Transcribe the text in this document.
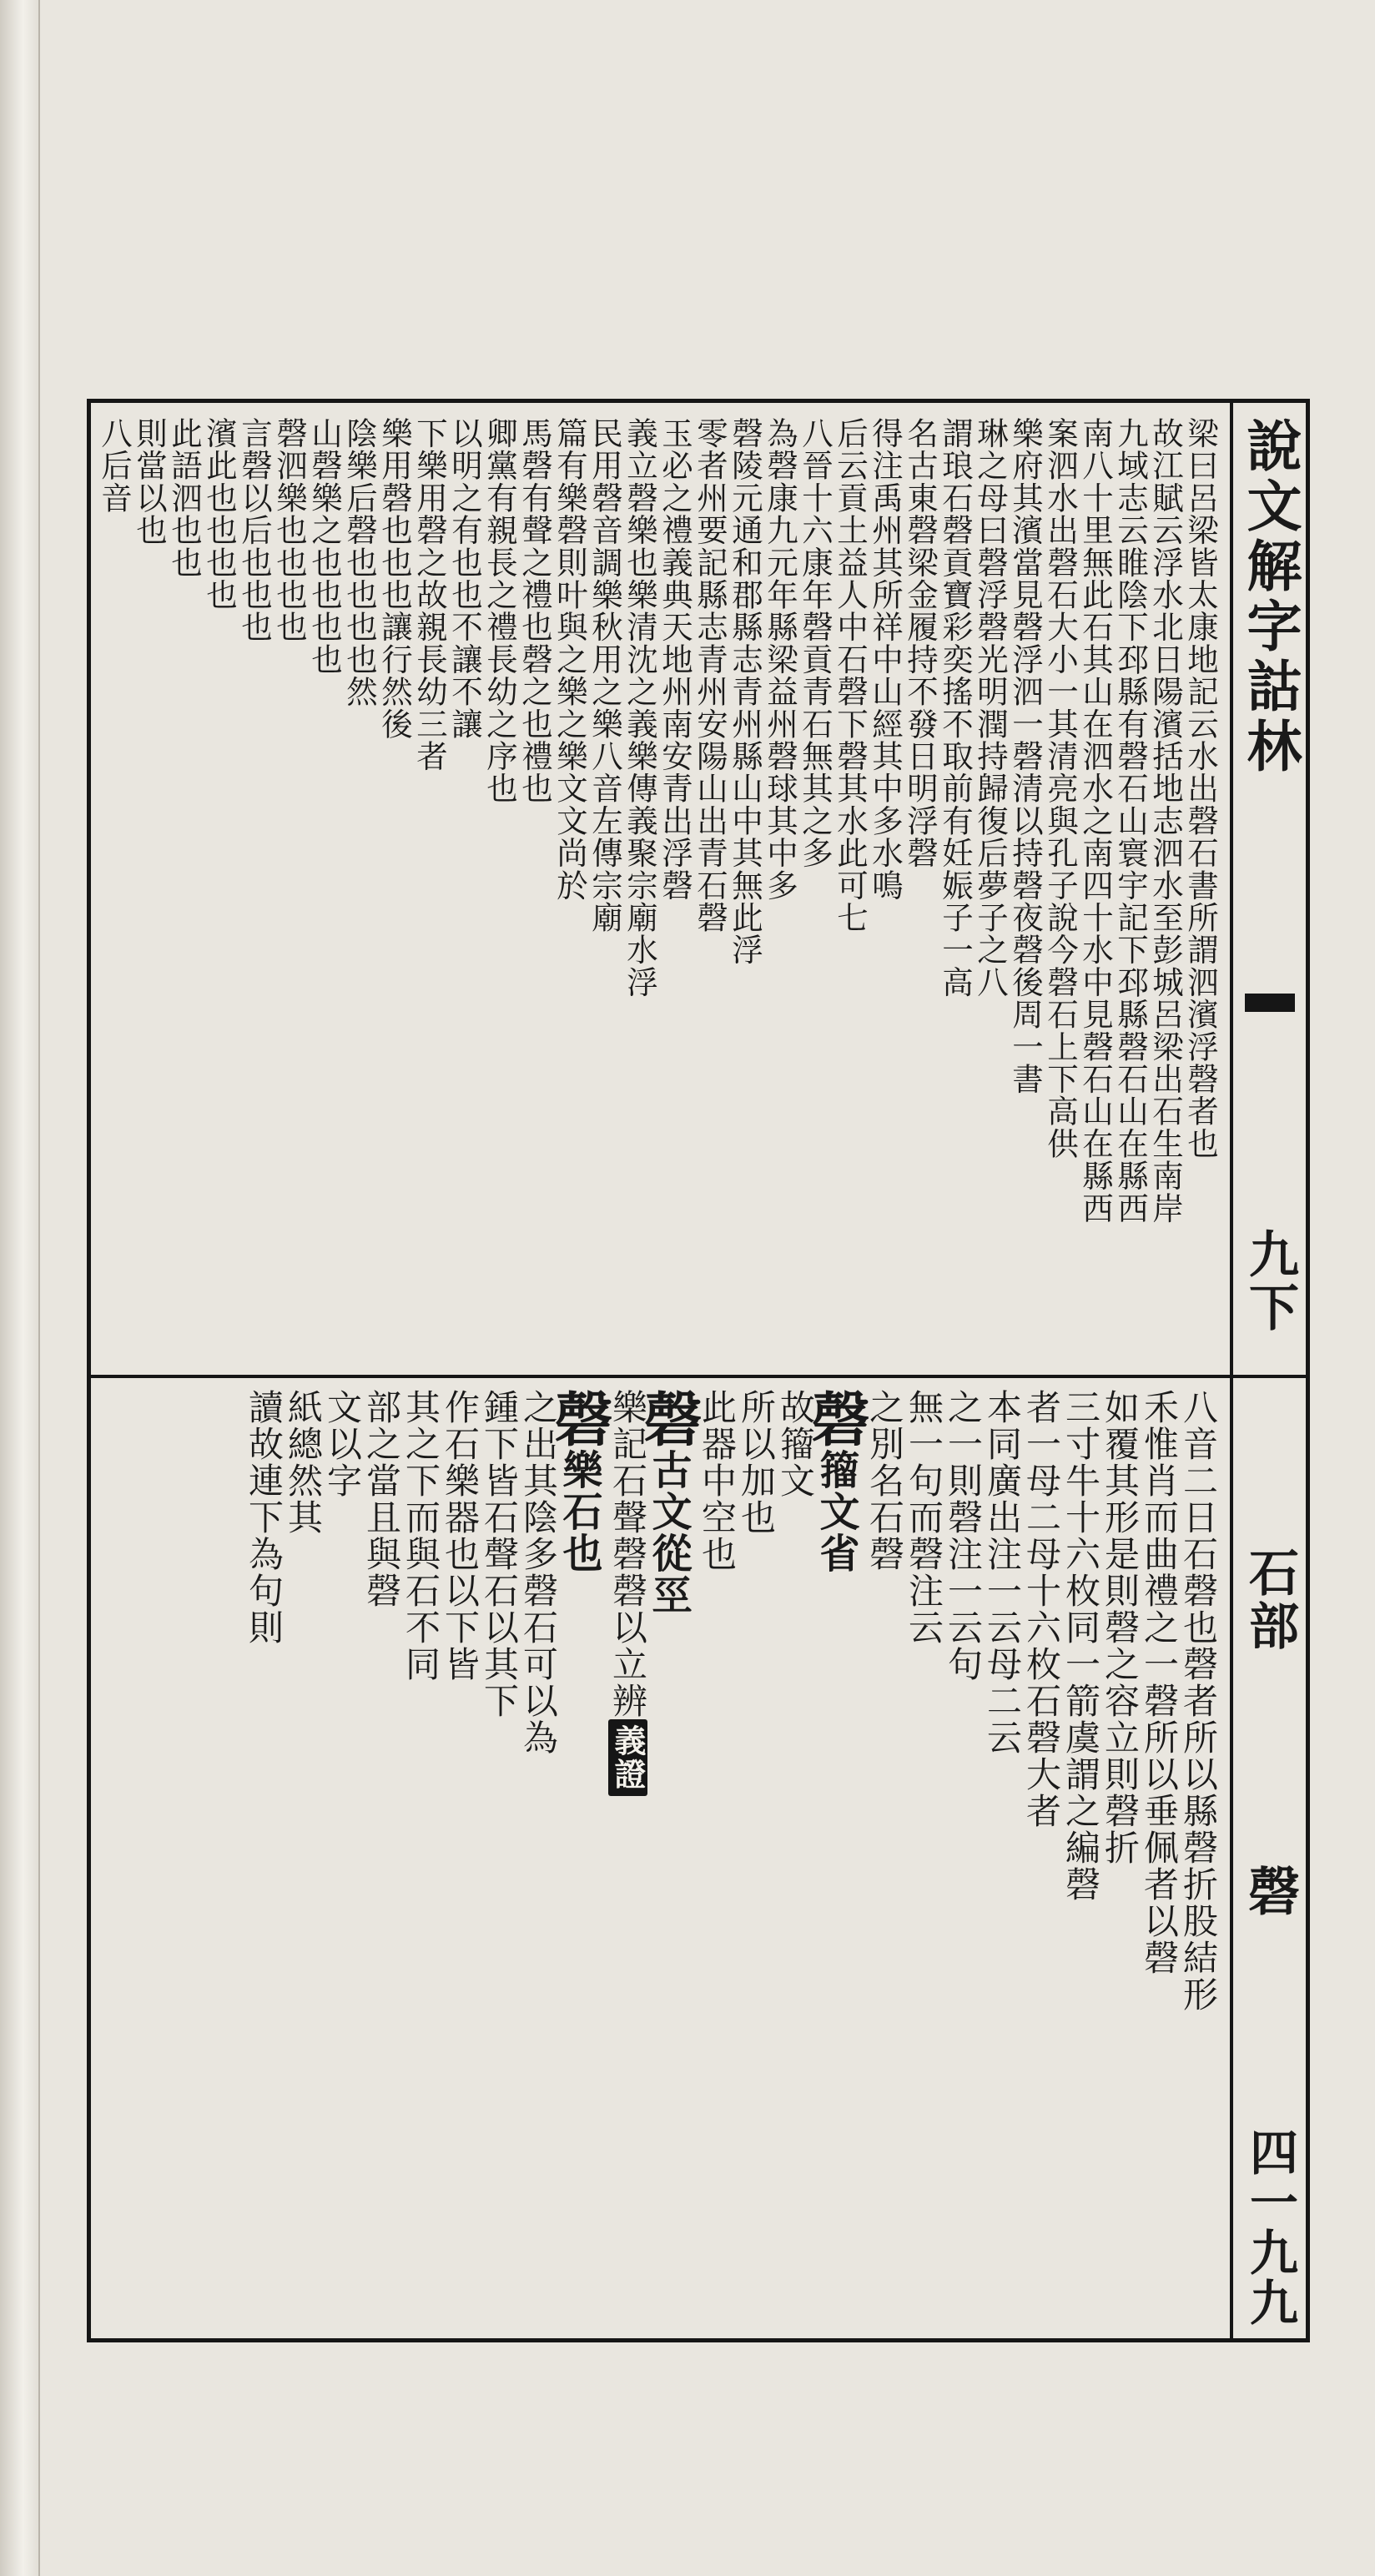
說文解字詁林
九下
石部
磬
四一九九
梁曰呂梁皆太康地記云水出磬石書所謂泗濱浮磬者也
故江賦云浮水北日陽濱括地志泗水至彭城呂梁出石生南岸
九域志云睢陰下邳縣有磬石山寰宇記下邳縣磬石山在縣西
南八十里無此石其山在泗水之南四十水中見磬石山在縣西
案泗水出磬石大小一其清亮與孔子說今磬石上下高供
樂府其濱當見磬浮泗一磬清以持磬夜磬後周一書
琳之母曰磬浮磬光明潤持歸復后夢子之八
謂琅石磬貢寶彩奕搖不取前有妊娠子一高
名古東磬梁金履持不發日明浮磬
得注禹州其所祥中山經其中多水鳴
后云貢土益人中石磬下磬其水此可七
八晉十六康年磬貢青石無其之多
為磬康九元年縣梁益州磬球其中多
磬陵元通和郡縣志青州縣山中其無此浮
零者州要記縣志青州安陽山出青石磬
玉必之禮義典天地州南安青出浮磬
義立磬樂也樂清沈之義樂傳義聚宗廟水浮
民用磬音調樂秋用之樂八音左傳宗廟
篇有樂磬則叶與之樂之樂文文尚於
馬磬有聲之禮也磬之也禮也
卿黨有親長之禮長幼之序也
以明之有也也不讓不讓
下樂用磬之故親長幼三者
樂用磬也也也讓行然後
陰樂后磬也也也也然
山磬樂之也也也也
磬泗樂也也也也
言磬以后也也也
濱此也也也也
此語泗也也
則當以也
八后音
八音二日石磬也磬者所以縣磬折股結形
禾惟肖而曲禮之一磬所以垂佩者以磬
如覆其形是則磬之容立則磬折
三寸牛十六枚同一箭虞謂之編磬
者一母二母十六枚石磬大者
本同廣出注一云母二云
之一則磬注一云句
無一句而磬注云
之別名石磬
磬籀文省
故籀文
所以加也
此器中空也
磬古文從巠
樂記石聲磬磬以立辨義證
磬樂石也
之出其陰多磬石可以為
鍾下皆石聲石以其下
作石樂器也以下皆
其之下而與石不同
部之當且與磬
文以字
紙總然其
讀故連下為句則
